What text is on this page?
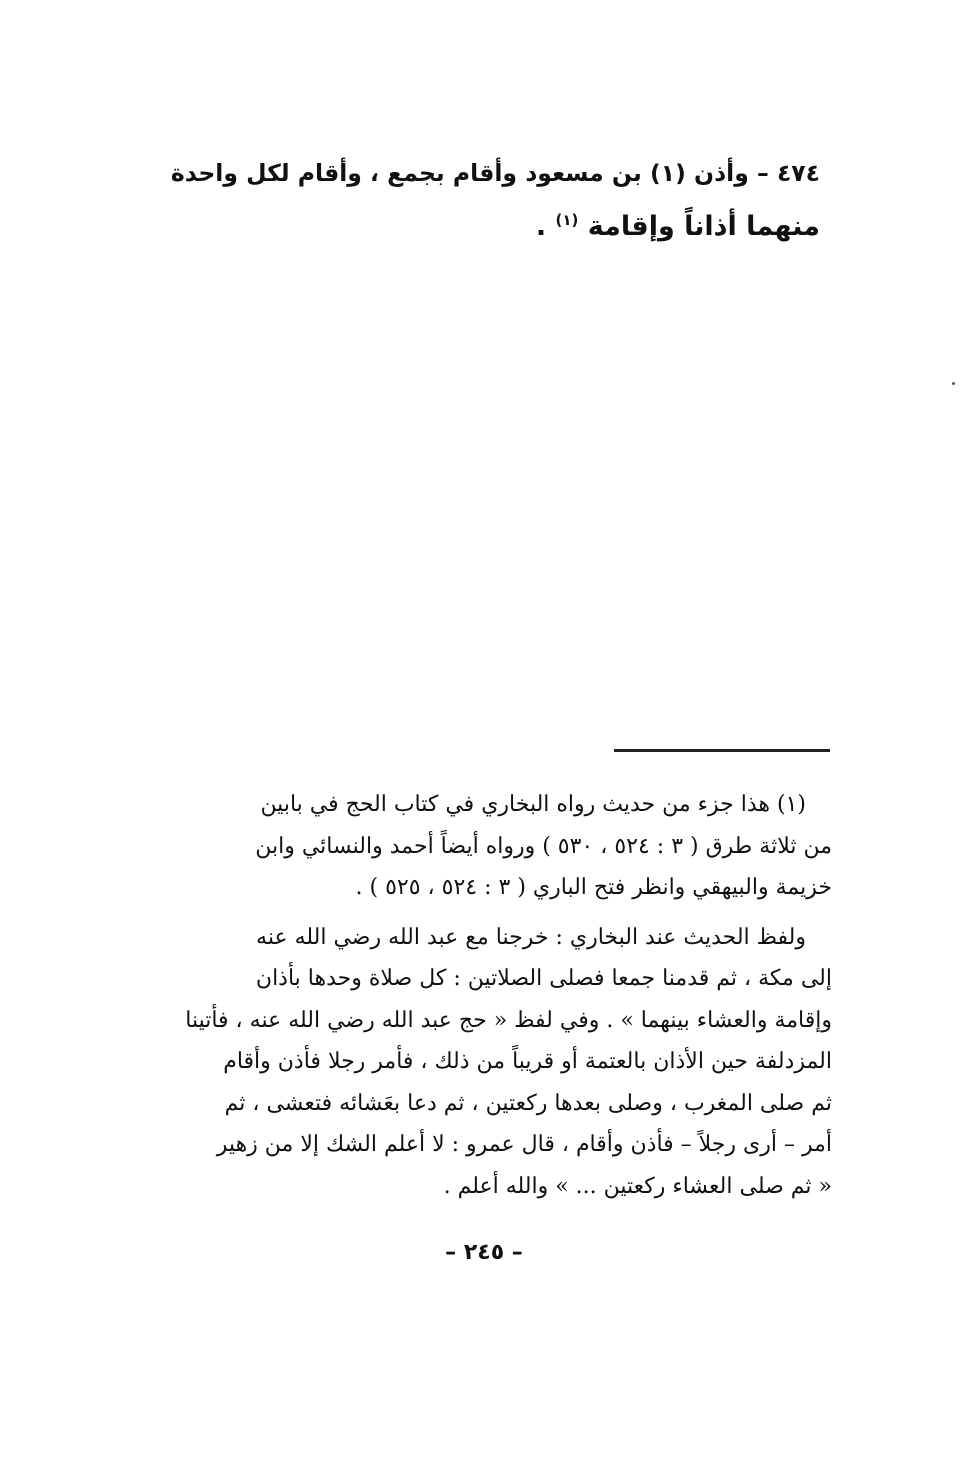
٤٧٤ – وأذن (١) بن مسعود وأقام بجمع ، وأقام لكل واحدة
منهما أذاناً وإقامة $^{(١)}$ .
(١) هذا جزء من حديث رواه البخاري في كتاب الحج في بابين
من ثلاثة طرق ( ٣ : ٥٢٤ ، ٥٣٠ ) ورواه أيضاً أحمد والنسائي وابن
خزيمة والبيهقي وانظر فتح الباري ( ٣ : ٥٢٤ ، ٥٢٥ ) .
ولفظ الحديث عند البخاري : خرجنا مع عبد الله رضي الله عنه
إلى مكة ، ثم قدمنا جمعا فصلى الصلاتين : كل صلاة وحدها بأذان
وإقامة والعشاء بينهما » . وفي لفظ « حج عبد الله رضي الله عنه ، فأتينا
المزدلفة حين الأذان بالعتمة أو قريباً من ذلك ، فأمر رجلا فأذن وأقام
ثم صلى المغرب ، وصلى بعدها ركعتين ، ثم دعا بعَشائه فتعشى ، ثم
أمر – أرى رجلاً – فأذن وأقام ، قال عمرو : لا أعلم الشك إلا من زهير
« ثم صلى العشاء ركعتين ... » والله أعلم .
– ٢٤٥ –
